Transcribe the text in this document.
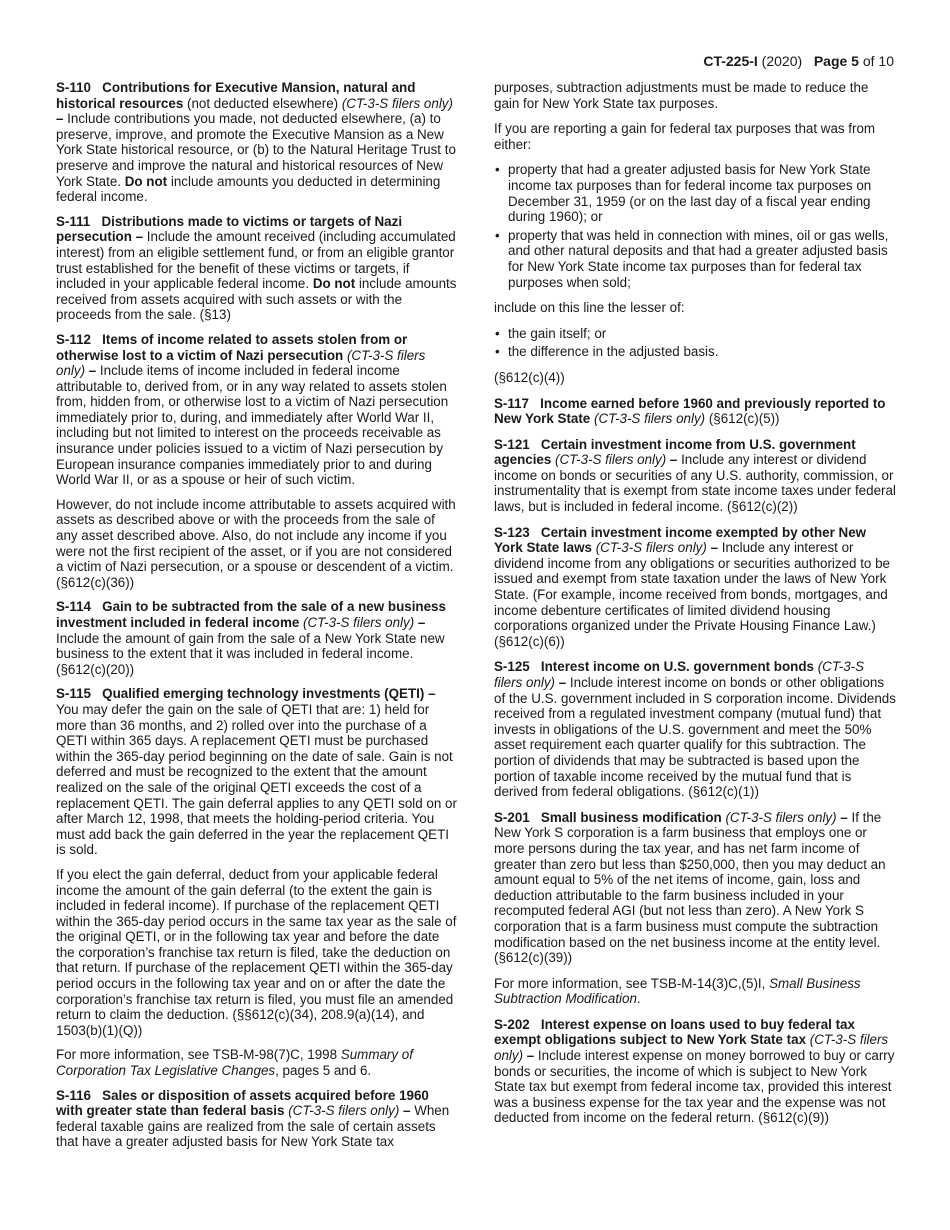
CT-225-I (2020) Page 5 of 10

S-110 Contributions for Executive Mansion, natural and historical resources (not deducted elsewhere) (CT-3-S filers only) – Include contributions you made, not deducted elsewhere, (a) to preserve, improve, and promote the Executive Mansion as a New York State historical resource, or (b) to the Natural Heritage Trust to preserve and improve the natural and historical resources of New York State. Do not include amounts you deducted in determining federal income.

S-111 Distributions made to victims or targets of Nazi persecution – Include the amount received (including accumulated interest) from an eligible settlement fund, or from an eligible grantor trust established for the benefit of these victims or targets, if included in your applicable federal income. Do not include amounts received from assets acquired with such assets or with the proceeds from the sale. (§13)

S-112 Items of income related to assets stolen from or otherwise lost to a victim of Nazi persecution (CT-3-S filers only) – Include items of income included in federal income attributable to, derived from, or in any way related to assets stolen from, hidden from, or otherwise lost to a victim of Nazi persecution immediately prior to, during, and immediately after World War II, including but not limited to interest on the proceeds receivable as insurance under policies issued to a victim of Nazi persecution by European insurance companies immediately prior to and during World War II, or as a spouse or heir of such victim.

However, do not include income attributable to assets acquired with assets as described above or with the proceeds from the sale of any asset described above. Also, do not include any income if you were not the first recipient of the asset, or if you are not considered a victim of Nazi persecution, or a spouse or descendent of a victim. (§612(c)(36))

S-114 Gain to be subtracted from the sale of a new business investment included in federal income (CT-3-S filers only) – Include the amount of gain from the sale of a New York State new business to the extent that it was included in federal income. (§612(c)(20))

S-115 Qualified emerging technology investments (QETI) – You may defer the gain on the sale of QETI that are: 1) held for more than 36 months, and 2) rolled over into the purchase of a QETI within 365 days. A replacement QETI must be purchased within the 365-day period beginning on the date of sale. Gain is not deferred and must be recognized to the extent that the amount realized on the sale of the original QETI exceeds the cost of a replacement QETI. The gain deferral applies to any QETI sold on or after March 12, 1998, that meets the holding-period criteria. You must add back the gain deferred in the year the replacement QETI is sold.

If you elect the gain deferral, deduct from your applicable federal income the amount of the gain deferral (to the extent the gain is included in federal income). If purchase of the replacement QETI within the 365-day period occurs in the same tax year as the sale of the original QETI, or in the following tax year and before the date the corporation’s franchise tax return is filed, take the deduction on that return. If purchase of the replacement QETI within the 365-day period occurs in the following tax year and on or after the date the corporation’s franchise tax return is filed, you must file an amended return to claim the deduction. (§§612(c)(34), 208.9(a)(14), and 1503(b)(1)(Q))

For more information, see TSB-M-98(7)C, 1998 Summary of Corporation Tax Legislative Changes, pages 5 and 6.

S-116 Sales or disposition of assets acquired before 1960 with greater state than federal basis (CT-3-S filers only) – When federal taxable gains are realized from the sale of certain assets that have a greater adjusted basis for New York State tax

purposes, subtraction adjustments must be made to reduce the gain for New York State tax purposes.

If you are reporting a gain for federal tax purposes that was from either:

• property that had a greater adjusted basis for New York State income tax purposes than for federal income tax purposes on December 31, 1959 (or on the last day of a fiscal year ending during 1960); or
• property that was held in connection with mines, oil or gas wells, and other natural deposits and that had a greater adjusted basis for New York State income tax purposes than for federal tax purposes when sold;

include on this line the lesser of:

• the gain itself; or
• the difference in the adjusted basis.

(§612(c)(4))

S-117 Income earned before 1960 and previously reported to New York State (CT-3-S filers only) (§612(c)(5))

S-121 Certain investment income from U.S. government agencies (CT-3-S filers only) – Include any interest or dividend income on bonds or securities of any U.S. authority, commission, or instrumentality that is exempt from state income taxes under federal laws, but is included in federal income. (§612(c)(2))

S-123 Certain investment income exempted by other New York State laws (CT-3-S filers only) – Include any interest or dividend income from any obligations or securities authorized to be issued and exempt from state taxation under the laws of New York State. (For example, income received from bonds, mortgages, and income debenture certificates of limited dividend housing corporations organized under the Private Housing Finance Law.) (§612(c)(6))

S-125 Interest income on U.S. government bonds (CT-3-S filers only) – Include interest income on bonds or other obligations of the U.S. government included in S corporation income. Dividends received from a regulated investment company (mutual fund) that invests in obligations of the U.S. government and meet the 50% asset requirement each quarter qualify for this subtraction. The portion of dividends that may be subtracted is based upon the portion of taxable income received by the mutual fund that is derived from federal obligations. (§612(c)(1))

S-201 Small business modification (CT-3-S filers only) – If the New York S corporation is a farm business that employs one or more persons during the tax year, and has net farm income of greater than zero but less than $250,000, then you may deduct an amount equal to 5% of the net items of income, gain, loss and deduction attributable to the farm business included in your recomputed federal AGI (but not less than zero). A New York S corporation that is a farm business must compute the subtraction modification based on the net business income at the entity level. (§612(c)(39))

For more information, see TSB-M-14(3)C,(5)I, Small Business Subtraction Modification.

S-202 Interest expense on loans used to buy federal tax exempt obligations subject to New York State tax (CT-3-S filers only) – Include interest expense on money borrowed to buy or carry bonds or securities, the income of which is subject to New York State tax but exempt from federal income tax, provided this interest was a business expense for the tax year and the expense was not deducted from income on the federal return. (§612(c)(9))
